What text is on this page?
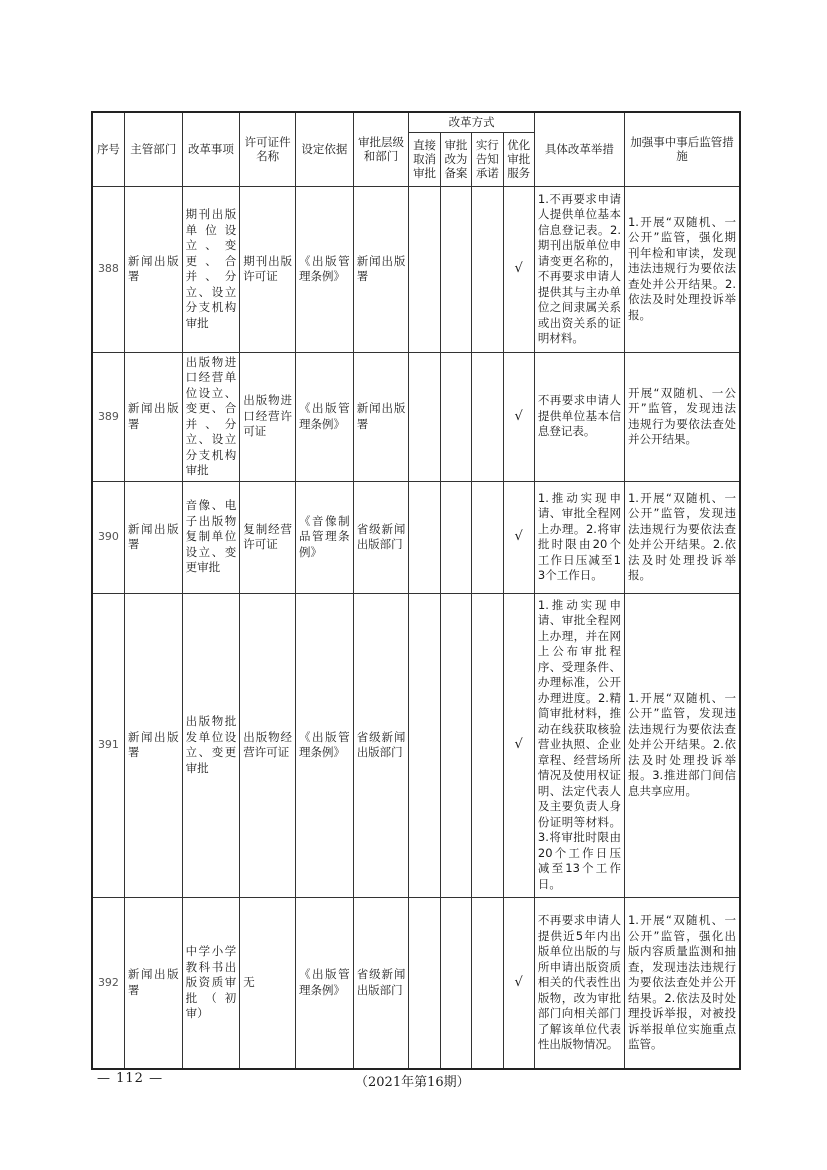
序号	主管部门	改革事项	许可证件名称	设定依据	审批层级和部门	改革方式				具体改革举措	加强事中事后监管措施
						直接取消审批	审批改为备案	实行告知承诺	优化审批服务		
388	新闻出版署	期刊出版单位设立、变更、合并、分立、设立分支机构审批	期刊出版许可证	《出版管理条例》	新闻出版署				√	1.不再要求申请人提供单位基本信息登记表。2.期刊出版单位申请变更名称的，不再要求申请人提供其与主办单位之间隶属关系或出资关系的证明材料。	1.开展“双随机、一公开”监管，强化期刊年检和审读，发现违法违规行为要依法查处并公开结果。2.依法及时处理投诉举报。
389	新闻出版署	出版物进口经营单位设立、变更、合并、分立、设立分支机构审批	出版物进口经营许可证	《出版管理条例》	新闻出版署				√	不再要求申请人提供单位基本信息登记表。	开展“双随机、一公开”监管，发现违法违规行为要依法查处并公开结果。
390	新闻出版署	音像、电子出版物复制单位设立、变更审批	复制经营许可证	《音像制品管理条例》	省级新闻出版部门				√	1.推动实现申请、审批全程网上办理。2.将审批时限由20个工作日压减至13个工作日。	1.开展“双随机、一公开”监管，发现违法违规行为要依法查处并公开结果。2.依法及时处理投诉举报。
391	新闻出版署	出版物批发单位设立、变更审批	出版物经营许可证	《出版管理条例》	省级新闻出版部门				√	1.推动实现申请、审批全程网上办理，并在网上公布审批程序、受理条件、办理标准，公开办理进度。2.精简审批材料，推动在线获取核验营业执照、企业章程、经营场所情况及使用权证明、法定代表人及主要负责人身份证明等材料。3.将审批时限由20个工作日压减至13个工作日。	1.开展“双随机、一公开”监管，发现违法违规行为要依法查处并公开结果。2.依法及时处理投诉举报。3.推进部门间信息共享应用。
392	新闻出版署	中学小学教科书出版资质审批（初审）	无	《出版管理条例》	省级新闻出版部门				√	不再要求申请人提供近5年内出版单位出版的与所申请出版资质相关的代表性出版物，改为审批部门向相关部门了解该单位代表性出版物情况。	1.开展“双随机、一公开”监管，强化出版内容质量监测和抽查，发现违法违规行为要依法查处并公开结果。2.依法及时处理投诉举报，对被投诉举报单位实施重点监管。
— 112 —	（2021年第16期）
